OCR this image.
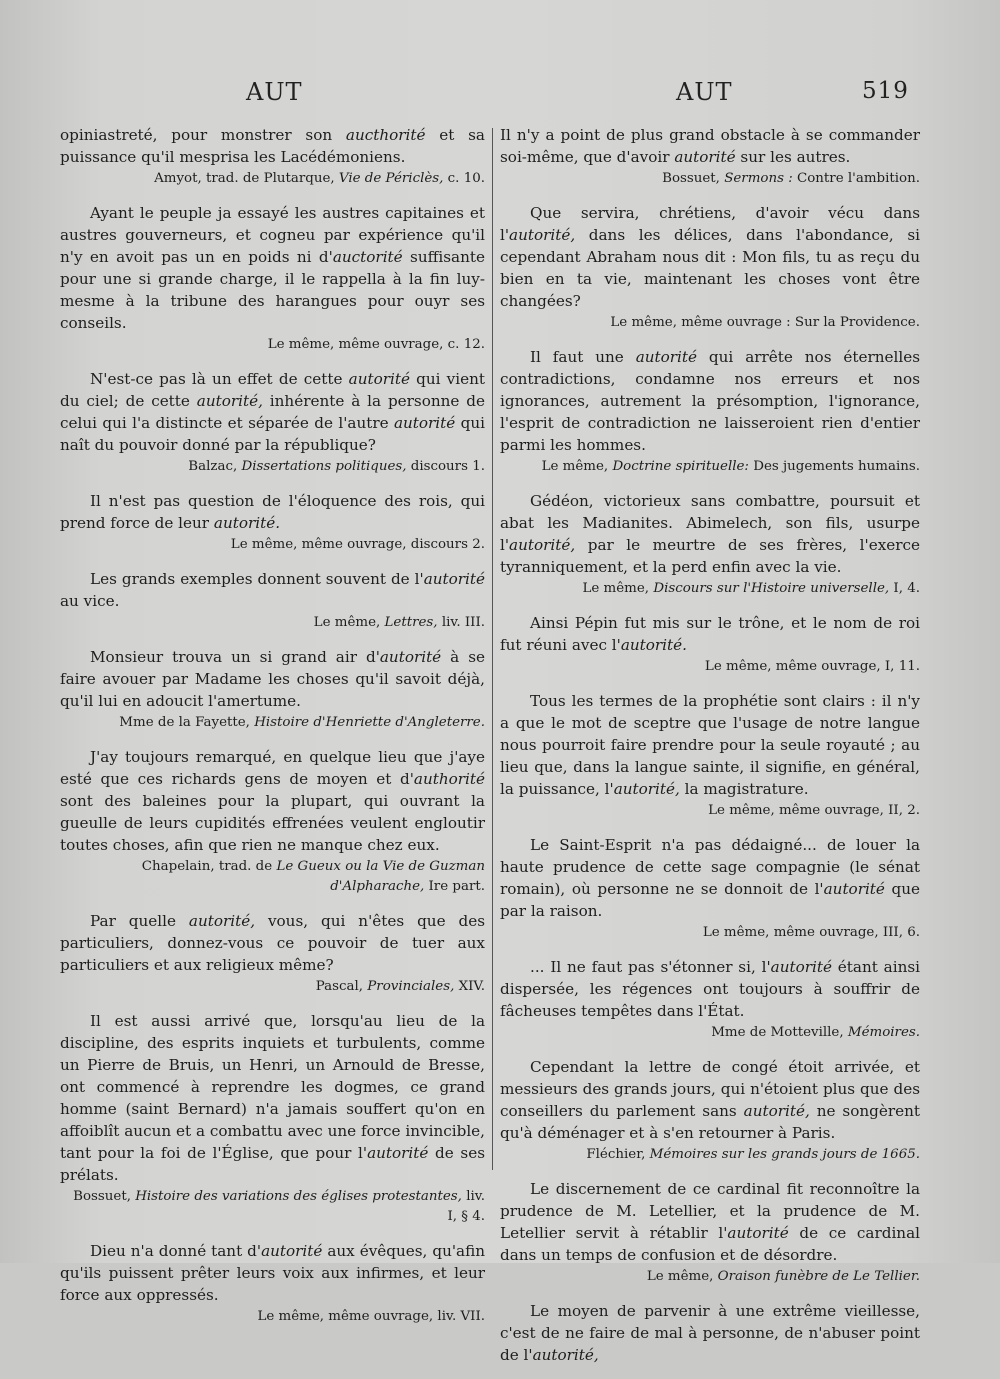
AUT	AUT	519

opiniastreté, pour monstrer son aucthorité et sa puissance qu'il mesprisa les Lacédémoniens.

Amyot, trad. de Plutarque, Vie de Périclès, c. 10.

Ayant le peuple ja essayé les austres capitaines et austres gouverneurs, et cogneu par expérience qu'il n'y en avoit pas un en poids ni d'auctorité suffisante pour une si grande charge, il le rappella à la fin luy-mesme à la tribune des harangues pour ouyr ses conseils.

Le même, même ouvrage, c. 12.

N'est-ce pas là un effet de cette autorité qui vient du ciel; de cette autorité, inhérente à la personne de celui qui l'a distincte et séparée de l'autre autorité qui naît du pouvoir donné par la république?

Balzac, Dissertations politiques, discours 1.

Il n'est pas question de l'éloquence des rois, qui prend force de leur autorité.

Le même, même ouvrage, discours 2.

Les grands exemples donnent souvent de l'autorité au vice.

Le même, Lettres, liv. III.

Monsieur trouva un si grand air d'autorité à se faire avouer par Madame les choses qu'il savoit déjà, qu'il lui en adoucit l'amertume.

Mme de la Fayette, Histoire d'Henriette d'Angleterre.

J'ay toujours remarqué, en quelque lieu que j'aye esté que ces richards gens de moyen et d'authorité sont des baleines pour la plupart, qui ouvrant la gueulle de leurs cupidités effrenées veulent engloutir toutes choses, afin que rien ne manque chez eux.

Chapelain, trad. de Le Gueux ou la Vie de Guzman d'Alpharache, Ire part.

Par quelle autorité, vous, qui n'êtes que des particuliers, donnez-vous ce pouvoir de tuer aux particuliers et aux religieux même?

Pascal, Provinciales, XIV.

Il est aussi arrivé que, lorsqu'au lieu de la discipline, des esprits inquiets et turbulents, comme un Pierre de Bruis, un Henri, un Arnould de Bresse, ont commencé à reprendre les dogmes, ce grand homme (saint Bernard) n'a jamais souffert qu'on en affoiblît aucun et a combattu avec une force invincible, tant pour la foi de l'Église, que pour l'autorité de ses prélats.

Bossuet, Histoire des variations des églises protestantes, liv. I, § 4.

Dieu n'a donné tant d'autorité aux évêques, qu'afin qu'ils puissent prêter leurs voix aux infirmes, et leur force aux oppressés.

Le même, même ouvrage, liv. VII.

Il n'y a point de plus grand obstacle à se commander soi-même, que d'avoir autorité sur les autres.

Bossuet, Sermons : Contre l'ambition.

Que servira, chrétiens, d'avoir vécu dans l'autorité, dans les délices, dans l'abondance, si cependant Abraham nous dit : Mon fils, tu as reçu du bien en ta vie, maintenant les choses vont être changées?

Le même, même ouvrage : Sur la Providence.

Il faut une autorité qui arrête nos éternelles contradictions, condamne nos erreurs et nos ignorances, autrement la présomption, l'ignorance, l'esprit de contradiction ne laisseroient rien d'entier parmi les hommes.

Le même, Doctrine spirituelle: Des jugements humains.

Gédéon, victorieux sans combattre, poursuit et abat les Madianites. Abimelech, son fils, usurpe l'autorité, par le meurtre de ses frères, l'exerce tyranniquement, et la perd enfin avec la vie.

Le même, Discours sur l'Histoire universelle, I, 4.

Ainsi Pépin fut mis sur le trône, et le nom de roi fut réuni avec l'autorité.

Le même, même ouvrage, I, 11.

Tous les termes de la prophétie sont clairs : il n'y a que le mot de sceptre que l'usage de notre langue nous pourroit faire prendre pour la seule royauté ; au lieu que, dans la langue sainte, il signifie, en général, la puissance, l'autorité, la magistrature.

Le même, même ouvrage, II, 2.

Le Saint-Esprit n'a pas dédaigné... de louer la haute prudence de cette sage compagnie (le sénat romain), où personne ne se donnoit de l'autorité que par la raison.

Le même, même ouvrage, III, 6.

... Il ne faut pas s'étonner si, l'autorité étant ainsi dispersée, les régences ont toujours à souffrir de fâcheuses tempêtes dans l'État.

Mme de Motteville, Mémoires.

Cependant la lettre de congé étoit arrivée, et messieurs des grands jours, qui n'étoient plus que des conseillers du parlement sans autorité, ne songèrent qu'à déménager et à s'en retourner à Paris.

Fléchier, Mémoires sur les grands jours de 1665.

Le discernement de ce cardinal fit reconnoître la prudence de M. Letellier, et la prudence de M. Letellier servit à rétablir l'autorité de ce cardinal dans un temps de confusion et de désordre.

Le même, Oraison funèbre de Le Tellier.

Le moyen de parvenir à une extrême vieillesse, c'est de ne faire de mal à personne, de n'abuser point de l'autorité,
